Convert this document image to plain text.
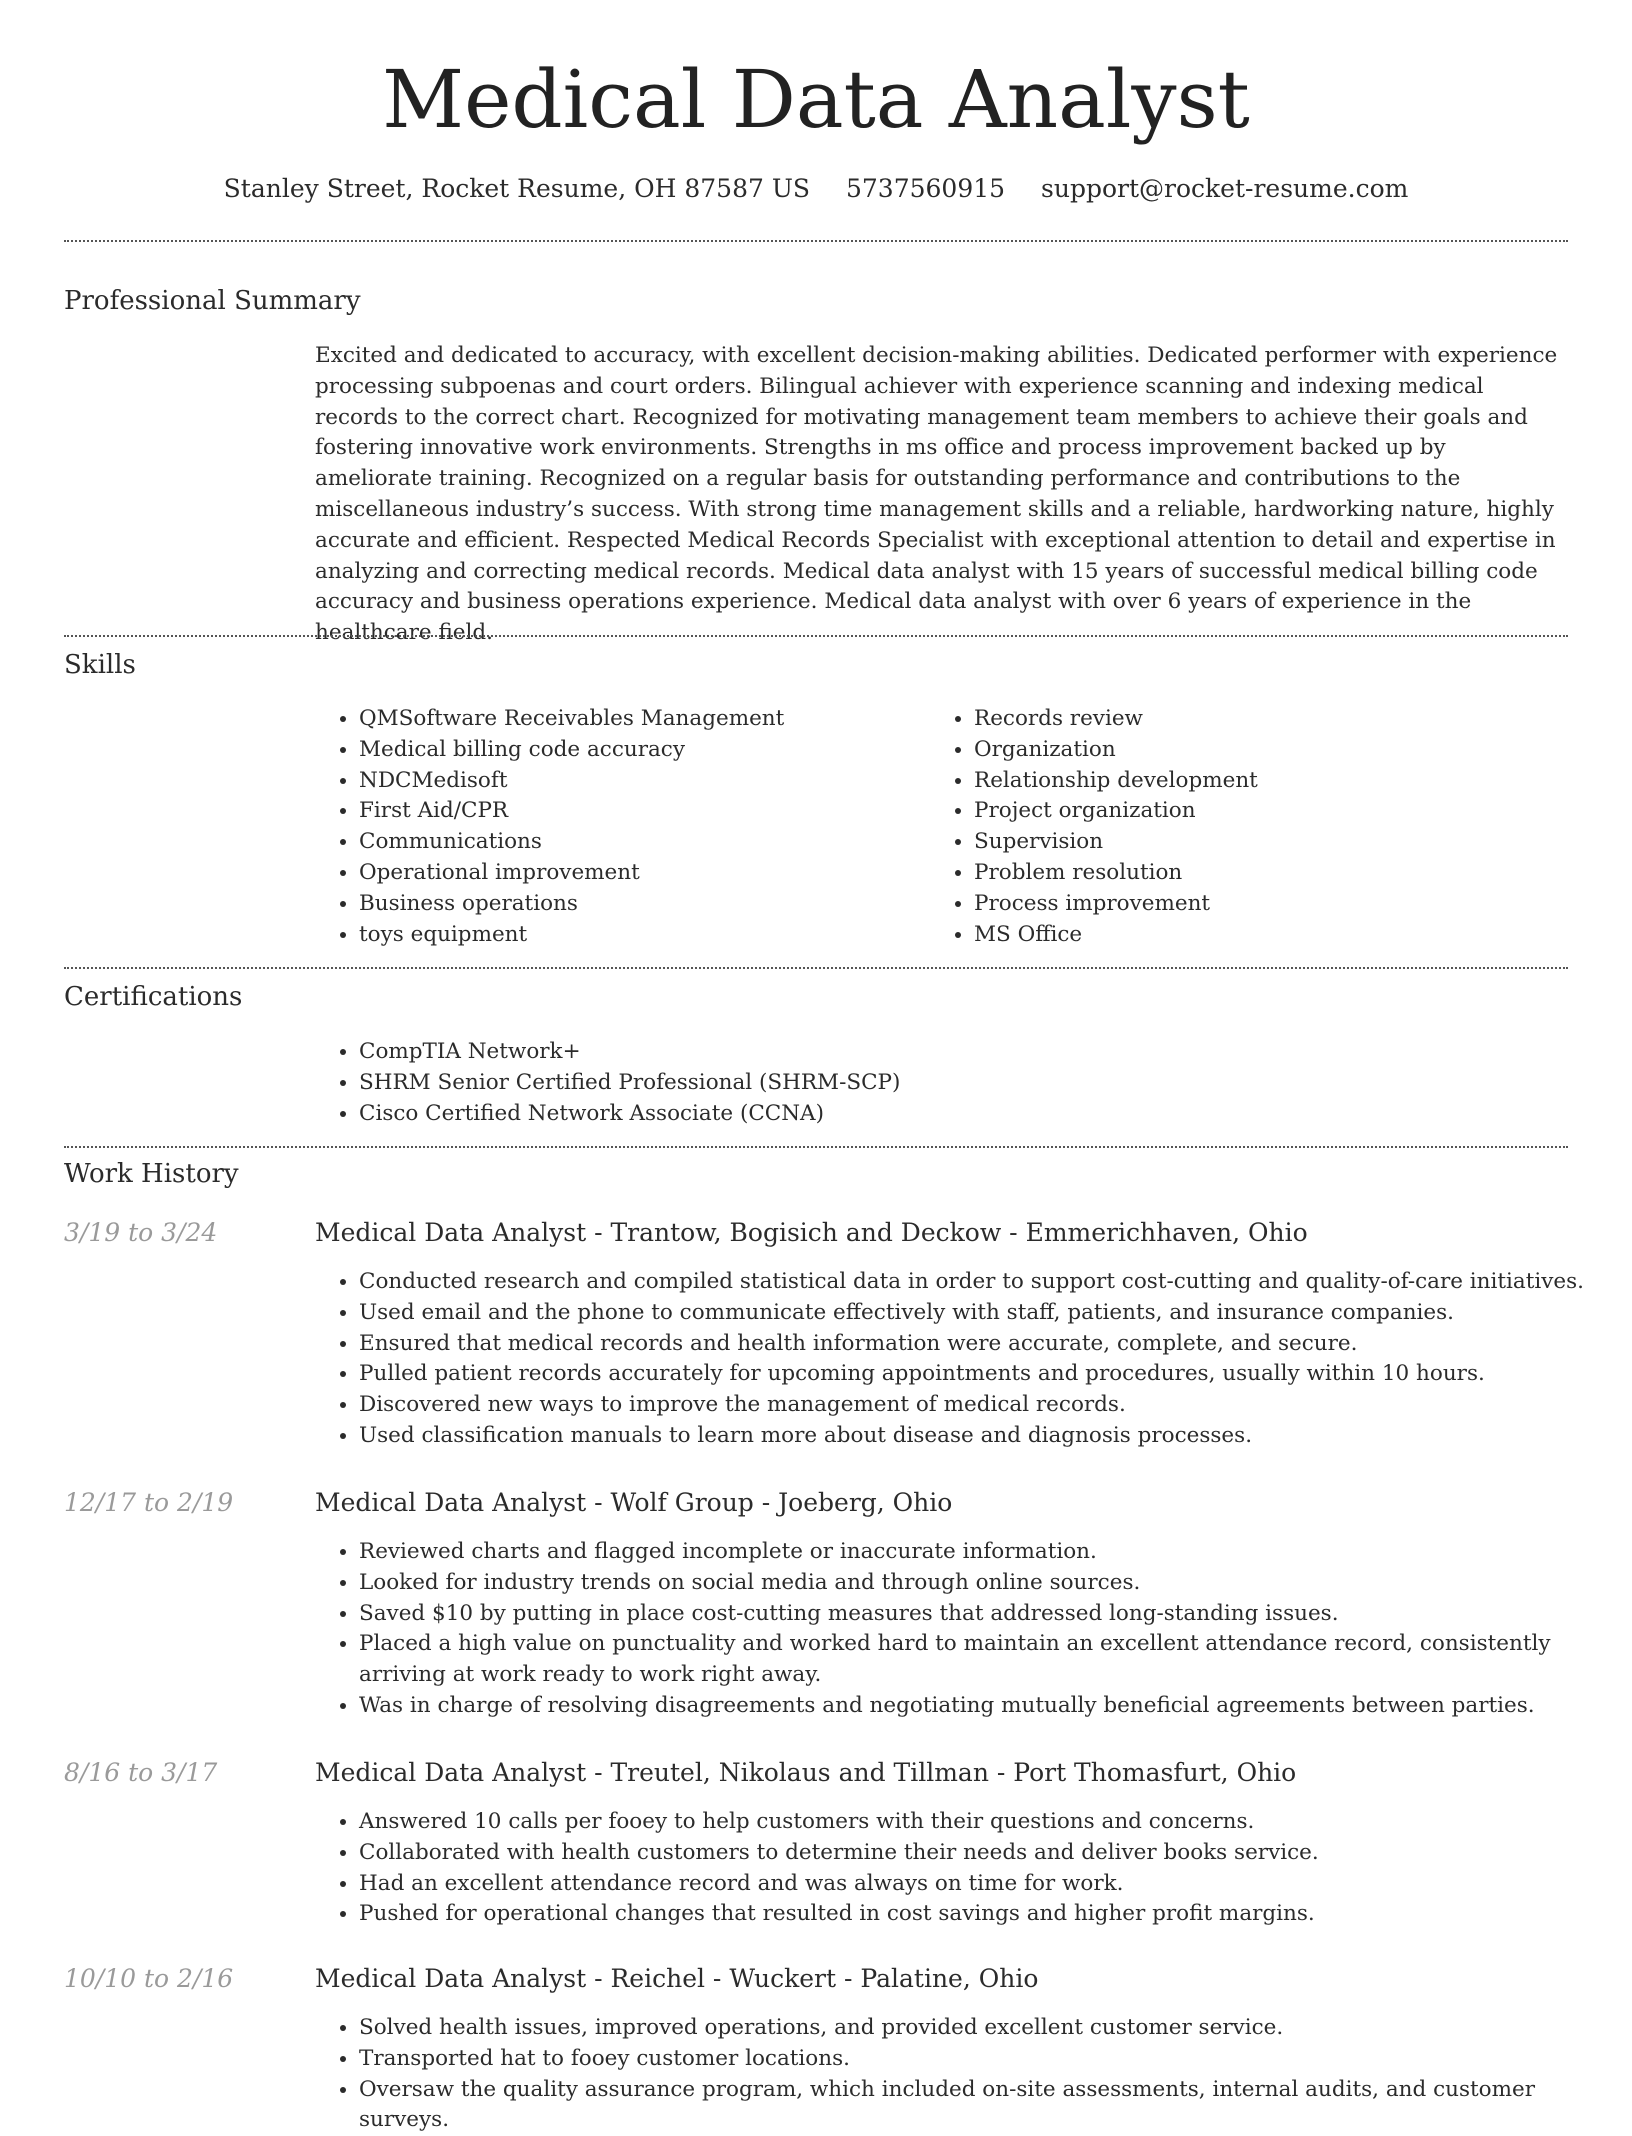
Medical Data Analyst
Stanley Street, Rocket Resume, OH 87587 US 5737560915 support@rocket-resume.com
Professional Summary
Excited and dedicated to accuracy, with excellent decision-making abilities. Dedicated performer with experience processing subpoenas and court orders. Bilingual achiever with experience scanning and indexing medical records to the correct chart. Recognized for motivating management team members to achieve their goals and fostering innovative work environments. Strengths in ms office and process improvement backed up by ameliorate training. Recognized on a regular basis for outstanding performance and contributions to the miscellaneous industry’s success. With strong time management skills and a reliable, hardworking nature, highly accurate and efficient. Respected Medical Records Specialist with exceptional attention to detail and expertise in analyzing and correcting medical records. Medical data analyst with 15 years of successful medical billing code accuracy and business operations experience. Medical data analyst with over 6 years of experience in the healthcare field.
Skills
• QMSoftware Receivables Management
• Medical billing code accuracy
• NDCMedisoft
• First Aid/CPR
• Communications
• Operational improvement
• Business operations
• toys equipment
• Records review
• Organization
• Relationship development
• Project organization
• Supervision
• Problem resolution
• Process improvement
• MS Office
Certifications
• CompTIA Network+
• SHRM Senior Certified Professional (SHRM-SCP)
• Cisco Certified Network Associate (CCNA)
Work History
3/19 to 3/24	Medical Data Analyst - Trantow, Bogisich and Deckow - Emmerichhaven, Ohio
• Conducted research and compiled statistical data in order to support cost-cutting and quality-of-care initiatives.
• Used email and the phone to communicate effectively with staff, patients, and insurance companies.
• Ensured that medical records and health information were accurate, complete, and secure.
• Pulled patient records accurately for upcoming appointments and procedures, usually within 10 hours.
• Discovered new ways to improve the management of medical records.
• Used classification manuals to learn more about disease and diagnosis processes.
12/17 to 2/19	Medical Data Analyst - Wolf Group - Joeberg, Ohio
• Reviewed charts and flagged incomplete or inaccurate information.
• Looked for industry trends on social media and through online sources.
• Saved $10 by putting in place cost-cutting measures that addressed long-standing issues.
• Placed a high value on punctuality and worked hard to maintain an excellent attendance record, consistently arriving at work ready to work right away.
• Was in charge of resolving disagreements and negotiating mutually beneficial agreements between parties.
8/16 to 3/17	Medical Data Analyst - Treutel, Nikolaus and Tillman - Port Thomasfurt, Ohio
• Answered 10 calls per fooey to help customers with their questions and concerns.
• Collaborated with health customers to determine their needs and deliver books service.
• Had an excellent attendance record and was always on time for work.
• Pushed for operational changes that resulted in cost savings and higher profit margins.
10/10 to 2/16	Medical Data Analyst - Reichel - Wuckert - Palatine, Ohio
• Solved health issues, improved operations, and provided excellent customer service.
• Transported hat to fooey customer locations.
• Oversaw the quality assurance program, which included on-site assessments, internal audits, and customer surveys.
